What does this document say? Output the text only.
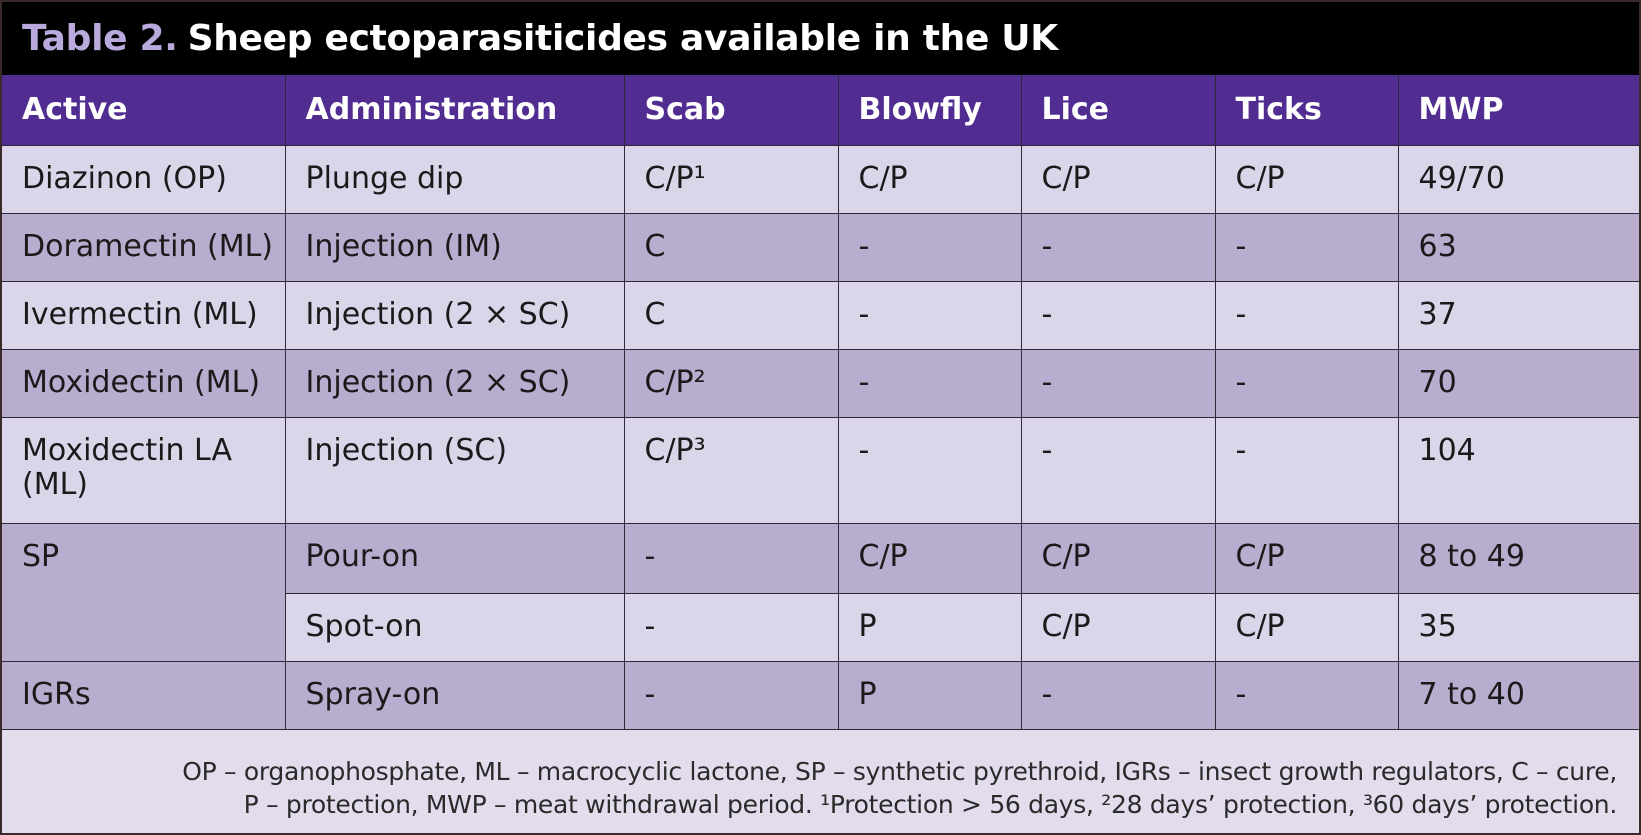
Table 2. Sheep ectoparasiticides available in the UK
Active	Administration	Scab	Blowfly	Lice	Ticks	MWP
Diazinon (OP)	Plunge dip	C/P¹	C/P	C/P	C/P	49/70
Doramectin (ML)	Injection (IM)	C	-	-	-	63
Ivermectin (ML)	Injection (2 × SC)	C	-	-	-	37
Moxidectin (ML)	Injection (2 × SC)	C/P²	-	-	-	70
Moxidectin LA (ML)	Injection (SC)	C/P³	-	-	-	104
SP	Pour-on	-	C/P	C/P	C/P	8 to 49
	Spot-on	-	P	C/P	C/P	35
IGRs	Spray-on	-	P	-	-	7 to 40
OP – organophosphate, ML – macrocyclic lactone, SP – synthetic pyrethroid, IGRs – insect growth regulators, C – cure,
P – protection, MWP – meat withdrawal period. ¹Protection > 56 days, ²28 days’ protection, ³60 days’ protection.
